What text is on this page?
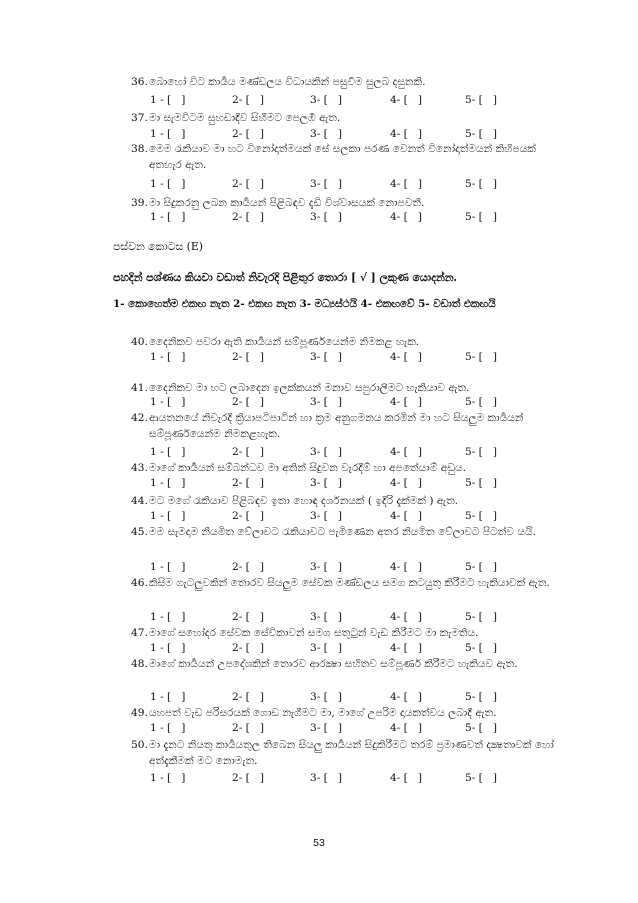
36. බොහෝ විට කාර්‍යය මණ්ඩලය විධායකින් පසුවීම සුලබ දසුනකි.
1 - [   ]	2- [   ]	3- [   ]	4- [   ]	5- [   ]
37. මා සැමවිටම සුහඩාදිව සිහීමට පෙලඹී ඇත.
1 - [   ]	2- [   ]	3- [   ]	4- [   ]	5- [   ]
38. මෙම රැකියාව මා හට විනෝදාත්මයක් සේ සලකා පරණ වෙනත් විනෝදාත්මයන් කිහිපයක් අතහැර ඇත.
1 - [   ]	2- [   ]	3- [   ]	4- [   ]	5- [   ]
39. මා සිදුකරනු ලබන කාර්‍යයන් පිළිබඳව දැඩි විශ්වාසයක් නොපවතී.
1 - [   ]	2- [   ]	3- [   ]	4- [   ]	5- [   ]
පස්වන කොටස (E)
පහදින් පශ්ණය කියවා වඩාත් නිවැරදි පිළිතුර තොරා [ √ ] ලකුණ යොදන්න.
1- කොහෙත්ම එකඟ නැත 2- එකඟ නැත 3- මධ්‍යස්ථයි 4- එකඟවේ 5- වඩාත් එකඟයි
40. දෛනිකව පවරා ඇති කාර්‍යයන් සම්පූර්ණයෙන්ම නිමකළ හැක.
1 - [   ]	2- [   ]	3- [   ]	4- [   ]	5- [   ]
41. දෛනිකව මා හට ලබාදෙන ඉලක්කයන් මනාව සපුරාලීමට හැකියාව ඇත.
1 - [   ]	2- [   ]	3- [   ]	4- [   ]	5- [   ]
42. ආයතනයේ නිවැරදි ක්‍රියාපටිපාටින් හා ක්‍රම අනුගමනය කරමින් මා හට සියලුම කාර්‍යයන් සම්පූර්ණයෙන්ම නිමකළහැක.
1 - [   ]	2- [   ]	3- [   ]	4- [   ]	5- [   ]
43. මාගේ කාර්‍යයන් සම්බන්ධව මා අතින් සිදුවන වැරදීම් හා අපතේයාම් අඩුය.
1 - [   ]	2- [   ]	3- [   ]	4- [   ]	5- [   ]
44. මට මගේ රැකියාව පිළිබඳව ඉතා හොඳ දර්ශනයක් ( ඉදිරි දැක්මක් ) ඇත.
1 - [   ]	2- [   ]	3- [   ]	4- [   ]	5- [   ]
45. මම සැමදාම නියමිත වේලාවට රැකියාවට පැමිණෙන අතර නියමිත වේලාවට පිටත්ව යයි.
1 - [   ]	2- [   ]	3- [   ]	4- [   ]	5- [   ]
46. කිසිම ගැටලුවකින් තොරව සියලුම සේවක මණ්ඩලය සමග කටයුතු කිරීමට හැකියාවක් ඇත.
1 - [   ]	2- [   ]	3- [   ]	4- [   ]	5- [   ]
47. මාගේ සහෝදර සේවක සේවිකාවන් සමග සතුටුන් වැඩ කිරීමට මා කැමතිය.
1 - [   ]	2- [   ]	3- [   ]	4- [   ]	5- [   ]
48. මාගේ කාර්‍යයන් උපදේශකින් තොරව ආරක්‍ෂා සහිතව සම්පූර්ණ කිරීමට හැකියව ඇත.
1 - [   ]	2- [   ]	3- [   ]	4- [   ]	5- [   ]
49. යහපත් වැඩ පරිසරයක් ගොඩ නැගීමට මා, මාගේ උපරිම දායකත්වය ලබාදී ඇත.
1 - [   ]	2- [   ]	3- [   ]	4- [   ]	5- [   ]
50. මා දැනට නියතු කාර්‍යයතුල තිබෙන සියලු කාර්‍යයන් සිදුකිරීමට තරම් ප්‍රමාණවත් දක්‍ෂතාවක් හෝ අත්දැකීමක් මට නොමැත.
1 - [   ]	2- [   ]	3- [   ]	4- [   ]	5- [   ]
53
